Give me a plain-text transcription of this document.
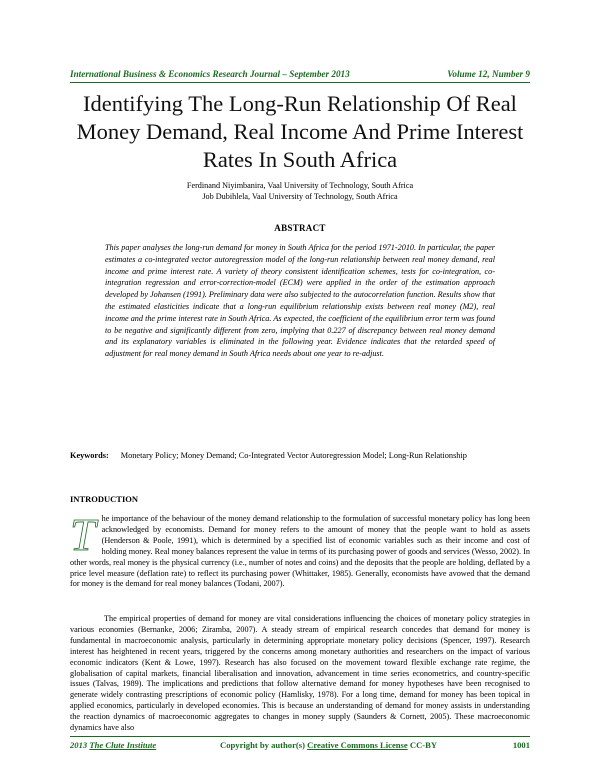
International Business & Economics Research Journal – September 2013	Volume 12, Number 9
Identifying The Long-Run Relationship Of Real Money Demand, Real Income And Prime Interest Rates In South Africa
Ferdinand Niyimbanira, Vaal University of Technology, South Africa
Job Dubihlela, Vaal University of Technology, South Africa
ABSTRACT

This paper analyses the long-run demand for money in South Africa for the period 1971-2010. In particular, the paper estimates a co-integrated vector autoregression model of the long-run relationship between real money demand, real income and prime interest rate. A variety of theory consistent identification schemes, tests for co-integration, co-integration regression and error-correction-model (ECM) were applied in the order of the estimation approach developed by Johansen (1991). Preliminary data were also subjected to the autocorrelation function. Results show that the estimated elasticities indicate that a long-run equilibrium relationship exists between real money (M2), real income and the prime interest rate in South Africa. As expected, the coefficient of the equilibrium error term was found to be negative and significantly different from zero, implying that 0.227 of discrepancy between real money demand and its explanatory variables is eliminated in the following year. Evidence indicates that the retarded speed of adjustment for real money demand in South Africa needs about one year to re-adjust.

Keywords: Monetary Policy; Money Demand; Co-Integrated Vector Autoregression Model; Long-Run Relationship

INTRODUCTION

The importance of the behaviour of the money demand relationship to the formulation of successful monetary policy has long been acknowledged by economists. Demand for money refers to the amount of money that the people want to hold as assets (Henderson & Poole, 1991), which is determined by a specified list of economic variables such as their income and cost of holding money. Real money balances represent the value in terms of its purchasing power of goods and services (Wesso, 2002). In other words, real money is the physical currency (i.e., number of notes and coins) and the deposits that the people are holding, deflated by a price level measure (deflation rate) to reflect its purchasing power (Whittaker, 1985). Generally, economists have avowed that the demand for money is the demand for real money balances (Todani, 2007).

The empirical properties of demand for money are vital considerations influencing the choices of monetary policy strategies in various economies (Bernanke, 2006; Ziramba, 2007). A steady stream of empirical research concedes that demand for money is fundamental in macroeconomic analysis, particularly in determining appropriate monetary policy decisions (Spencer, 1997). Research interest has heightened in recent years, triggered by the concerns among monetary authorities and researchers on the impact of various economic indicators (Kent & Lowe, 1997). Research has also focused on the movement toward flexible exchange rate regime, the globalisation of capital markets, financial liberalisation and innovation, advancement in time series econometrics, and country-specific issues (Talvas, 1989). The implications and predictions that follow alternative demand for money hypotheses have been recognised to generate widely contrasting prescriptions of economic policy (Hamlisky, 1978). For a long time, demand for money has been topical in applied economics, particularly in developed economies. This is because an understanding of demand for money assists in understanding the reaction dynamics of macroeconomic aggregates to changes in money supply (Saunders & Cornett, 2005). These macroeconomic dynamics have also

2013 The Clute Institute	Copyright by author(s) Creative Commons License CC-BY	1001
